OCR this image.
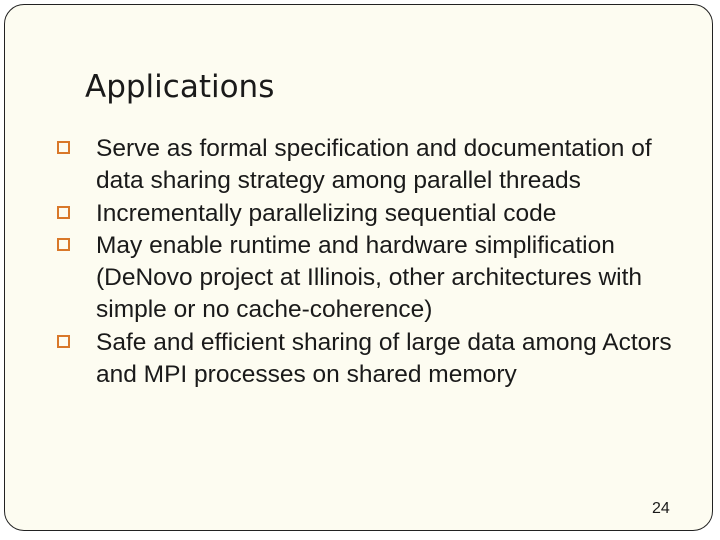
Applications
Serve as formal specification and documentation of data sharing strategy among parallel threads
Incrementally parallelizing sequential code
May enable runtime and hardware simplification (DeNovo project at Illinois, other architectures with simple or no cache-coherence)
Safe and efficient sharing of large data among Actors and MPI processes on shared memory
24
